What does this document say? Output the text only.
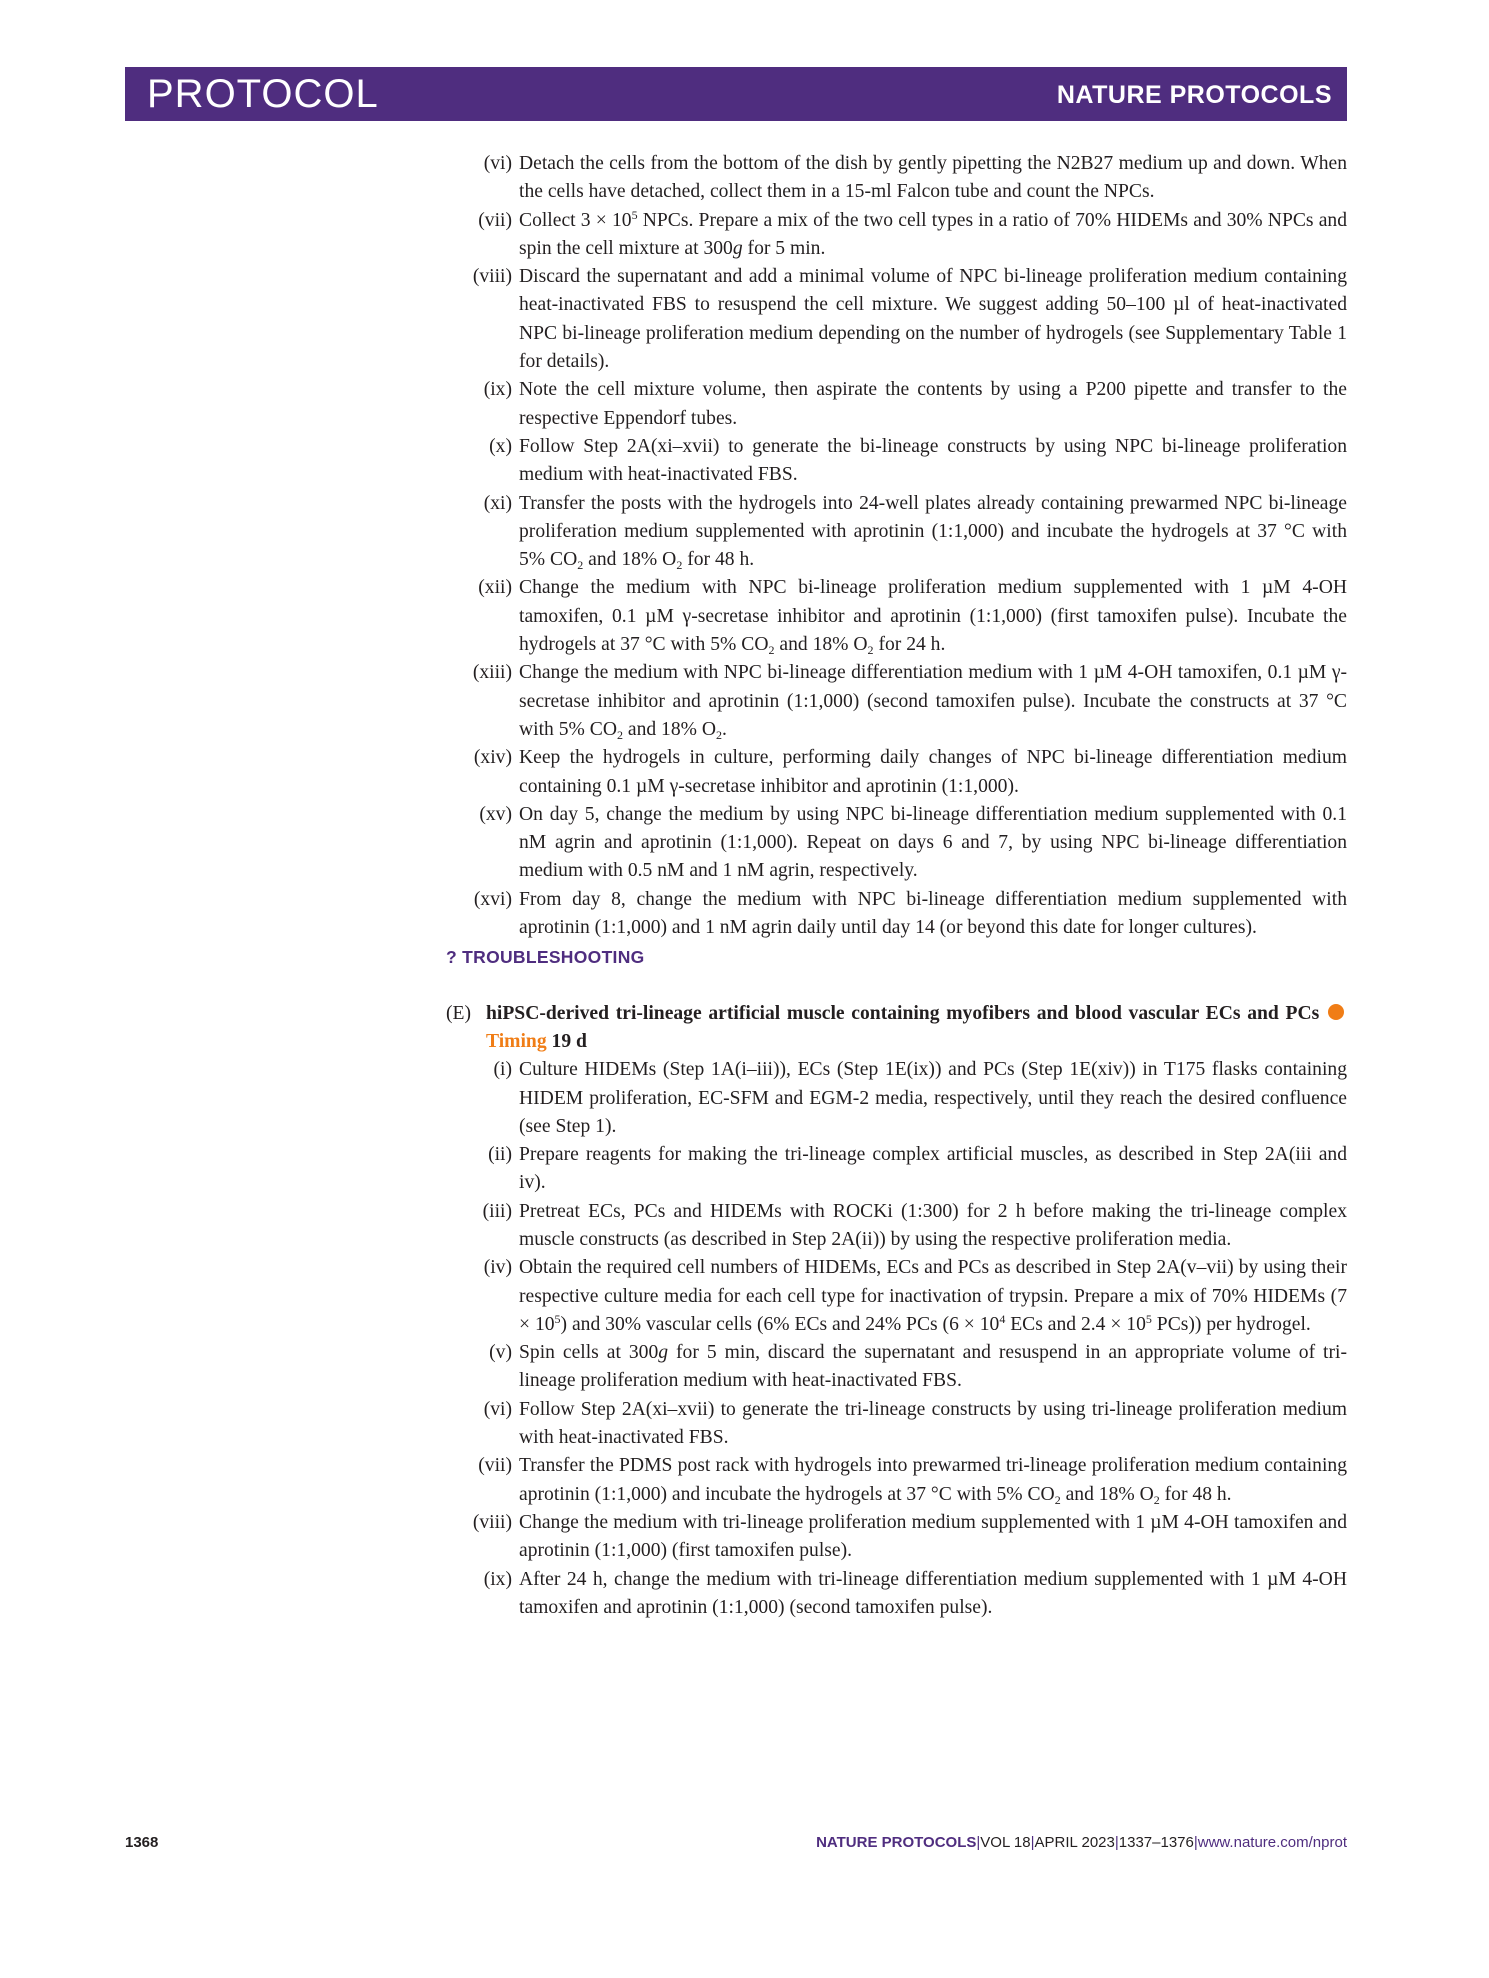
PROTOCOL	NATURE PROTOCOLS
(vi) Detach the cells from the bottom of the dish by gently pipetting the N2B27 medium up and down. When the cells have detached, collect them in a 15-ml Falcon tube and count the NPCs.
(vii) Collect $3 \times 10^5$ NPCs. Prepare a mix of the two cell types in a ratio of 70% HIDEMs and 30% NPCs and spin the cell mixture at 300g for 5 min.
(viii) Discard the supernatant and add a minimal volume of NPC bi-lineage proliferation medium containing heat-inactivated FBS to resuspend the cell mixture. We suggest adding 50–100 µl of heat-inactivated NPC bi-lineage proliferation medium depending on the number of hydrogels (see Supplementary Table 1 for details).
(ix) Note the cell mixture volume, then aspirate the contents by using a P200 pipette and transfer to the respective Eppendorf tubes.
(x) Follow Step 2A(xi–xvii) to generate the bi-lineage constructs by using NPC bi-lineage proliferation medium with heat-inactivated FBS.
(xi) Transfer the posts with the hydrogels into 24-well plates already containing prewarmed NPC bi-lineage proliferation medium supplemented with aprotinin (1:1,000) and incubate the hydrogels at 37 °C with 5% $CO_2$ and 18% $O_2$ for 48 h.
(xii) Change the medium with NPC bi-lineage proliferation medium supplemented with 1 µM 4-OH tamoxifen, 0.1 µM γ-secretase inhibitor and aprotinin (1:1,000) (first tamoxifen pulse). Incubate the hydrogels at 37 °C with 5% $CO_2$ and 18% $O_2$ for 24 h.
(xiii) Change the medium with NPC bi-lineage differentiation medium with 1 µM 4-OH tamoxifen, 0.1 µM γ-secretase inhibitor and aprotinin (1:1,000) (second tamoxifen pulse). Incubate the constructs at 37 °C with 5% $CO_2$ and 18% $O_2$.
(xiv) Keep the hydrogels in culture, performing daily changes of NPC bi-lineage differentiation medium containing 0.1 µM γ-secretase inhibitor and aprotinin (1:1,000).
(xv) On day 5, change the medium by using NPC bi-lineage differentiation medium supplemented with 0.1 nM agrin and aprotinin (1:1,000). Repeat on days 6 and 7, by using NPC bi-lineage differentiation medium with 0.5 nM and 1 nM agrin, respectively.
(xvi) From day 8, change the medium with NPC bi-lineage differentiation medium supplemented with aprotinin (1:1,000) and 1 nM agrin daily until day 14 (or beyond this date for longer cultures).
? TROUBLESHOOTING
(E) hiPSC-derived tri-lineage artificial muscle containing myofibers and blood vascular ECs and PCs Timing 19 d
(i) Culture HIDEMs (Step 1A(i–iii)), ECs (Step 1E(ix)) and PCs (Step 1E(xiv)) in T175 flasks containing HIDEM proliferation, EC-SFM and EGM-2 media, respectively, until they reach the desired confluence (see Step 1).
(ii) Prepare reagents for making the tri-lineage complex artificial muscles, as described in Step 2A(iii and iv).
(iii) Pretreat ECs, PCs and HIDEMs with ROCKi (1:300) for 2 h before making the tri-lineage complex muscle constructs (as described in Step 2A(ii)) by using the respective proliferation media.
(iv) Obtain the required cell numbers of HIDEMs, ECs and PCs as described in Step 2A(v–vii) by using their respective culture media for each cell type for inactivation of trypsin. Prepare a mix of 70% HIDEMs $(7 \times 10^5)$ and 30% vascular cells (6% ECs and 24% PCs ($6 \times 10^4$ ECs and $2.4 \times 10^5$ PCs)) per hydrogel.
(v) Spin cells at 300g for 5 min, discard the supernatant and resuspend in an appropriate volume of tri-lineage proliferation medium with heat-inactivated FBS.
(vi) Follow Step 2A(xi–xvii) to generate the tri-lineage constructs by using tri-lineage proliferation medium with heat-inactivated FBS.
(vii) Transfer the PDMS post rack with hydrogels into prewarmed tri-lineage proliferation medium containing aprotinin (1:1,000) and incubate the hydrogels at 37 °C with 5% $CO_2$ and 18% $O_2$ for 48 h.
(viii) Change the medium with tri-lineage proliferation medium supplemented with 1 µM 4-OH tamoxifen and aprotinin (1:1,000) (first tamoxifen pulse).
(ix) After 24 h, change the medium with tri-lineage differentiation medium supplemented with 1 µM 4-OH tamoxifen and aprotinin (1:1,000) (second tamoxifen pulse).
1368	NATURE PROTOCOLS|VOL 18|APRIL 2023|1337–1376|www.nature.com/nprot
